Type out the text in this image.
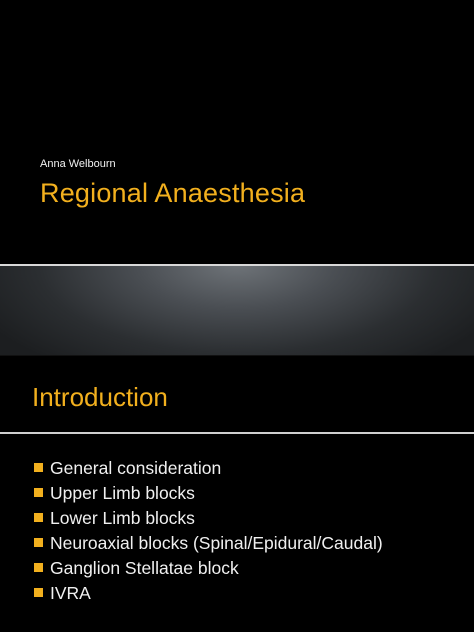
Anna Welbourn
Regional Anaesthesia
Introduction
General consideration
Upper Limb blocks
Lower Limb blocks
Neuroaxial blocks (Spinal/Epidural/Caudal)
Ganglion Stellatae block
IVRA
